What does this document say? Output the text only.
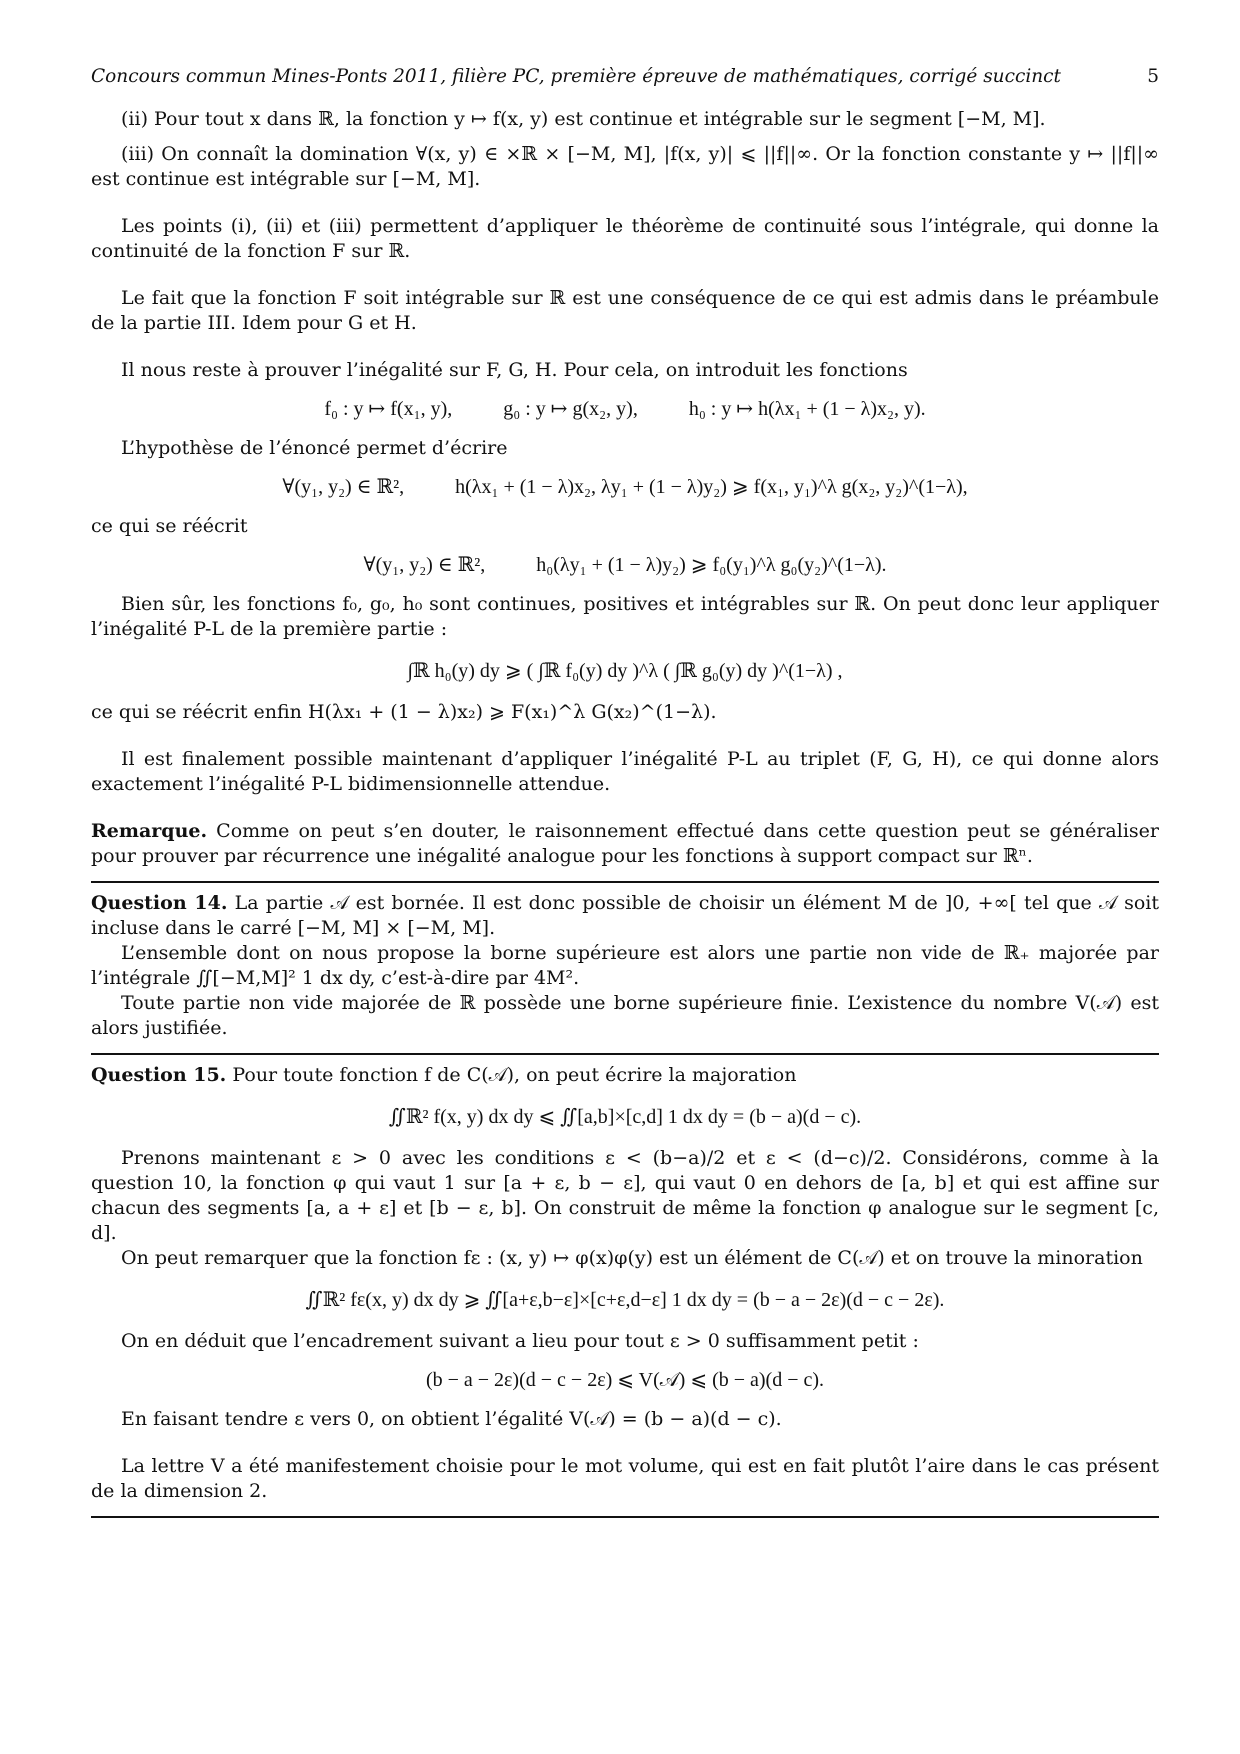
Concours commun Mines-Ponts 2011, filière PC, première épreuve de mathématiques, corrigé succinct	5

(ii) Pour tout x dans ℝ, la fonction y ↦ f(x, y) est continue et intégrable sur le segment [−M, M].

(iii) On connaît la domination ∀(x, y) ∈ ×ℝ × [−M, M], |f(x, y)| ⩽ ||f||∞. Or la fonction constante y ↦ ||f||∞ est continue est intégrable sur [−M, M].

Les points (i), (ii) et (iii) permettent d’appliquer le théorème de continuité sous l’intégrale, qui donne la continuité de la fonction F sur ℝ.

Le fait que la fonction F soit intégrable sur ℝ est une conséquence de ce qui est admis dans le préambule de la partie III. Idem pour G et H.

Il nous reste à prouver l’inégalité sur F, G, H. Pour cela, on introduit les fonctions

f₀ : y ↦ f(x₁, y),	g₀ : y ↦ g(x₂, y),	h₀ : y ↦ h(λx₁ + (1 − λ)x₂, y).

L’hypothèse de l’énoncé permet d’écrire

∀(y₁, y₂) ∈ ℝ²,	h(λx₁ + (1 − λ)x₂, λy₁ + (1 − λ)y₂) ⩾ f(x₁, y₁)^λ g(x₂, y₂)^(1−λ),

ce qui se réécrit

∀(y₁, y₂) ∈ ℝ²,	h₀(λy₁ + (1 − λ)y₂) ⩾ f₀(y₁)^λ g₀(y₂)^(1−λ).

Bien sûr, les fonctions f₀, g₀, h₀ sont continues, positives et intégrables sur ℝ. On peut donc leur appliquer l’inégalité P-L de la première partie :

∫ℝ h₀(y) dy ⩾ ( ∫ℝ f₀(y) dy )^λ ( ∫ℝ g₀(y) dy )^(1−λ) ,

ce qui se réécrit enfin H(λx₁ + (1 − λ)x₂) ⩾ F(x₁)^λ G(x₂)^(1−λ).

Il est finalement possible maintenant d’appliquer l’inégalité P-L au triplet (F, G, H), ce qui donne alors exactement l’inégalité P-L bidimensionnelle attendue.

Remarque. Comme on peut s’en douter, le raisonnement effectué dans cette question peut se généraliser pour prouver par récurrence une inégalité analogue pour les fonctions à support compact sur ℝⁿ.

Question 14. La partie 𝒜 est bornée. Il est donc possible de choisir un élément M de ]0, +∞[ tel que 𝒜 soit incluse dans le carré [−M, M] × [−M, M].

L’ensemble dont on nous propose la borne supérieure est alors une partie non vide de ℝ₊ majorée par l’intégrale ∬[−M,M]² 1 dx dy, c’est-à-dire par 4M².

Toute partie non vide majorée de ℝ possède une borne supérieure finie. L’existence du nombre V(𝒜) est alors justifiée.

Question 15. Pour toute fonction f de C(𝒜), on peut écrire la majoration

∬ℝ² f(x, y) dx dy ⩽ ∬[a,b]×[c,d] 1 dx dy = (b − a)(d − c).

Prenons maintenant ε > 0 avec les conditions ε < (b−a)/2 et ε < (d−c)/2. Considérons, comme à la question 10, la fonction φ qui vaut 1 sur [a + ε, b − ε], qui vaut 0 en dehors de [a, b] et qui est affine sur chacun des segments [a, a + ε] et [b − ε, b]. On construit de même la fonction φ analogue sur le segment [c, d].

On peut remarquer que la fonction fε : (x, y) ↦ φ(x)φ(y) est un élément de C(𝒜) et on trouve la minoration

∬ℝ² fε(x, y) dx dy ⩾ ∬[a+ε,b−ε]×[c+ε,d−ε] 1 dx dy = (b − a − 2ε)(d − c − 2ε).

On en déduit que l’encadrement suivant a lieu pour tout ε > 0 suffisamment petit :

(b − a − 2ε)(d − c − 2ε) ⩽ V(𝒜) ⩽ (b − a)(d − c).

En faisant tendre ε vers 0, on obtient l’égalité V(𝒜) = (b − a)(d − c).

La lettre V a été manifestement choisie pour le mot volume, qui est en fait plutôt l’aire dans le cas présent de la dimension 2.
